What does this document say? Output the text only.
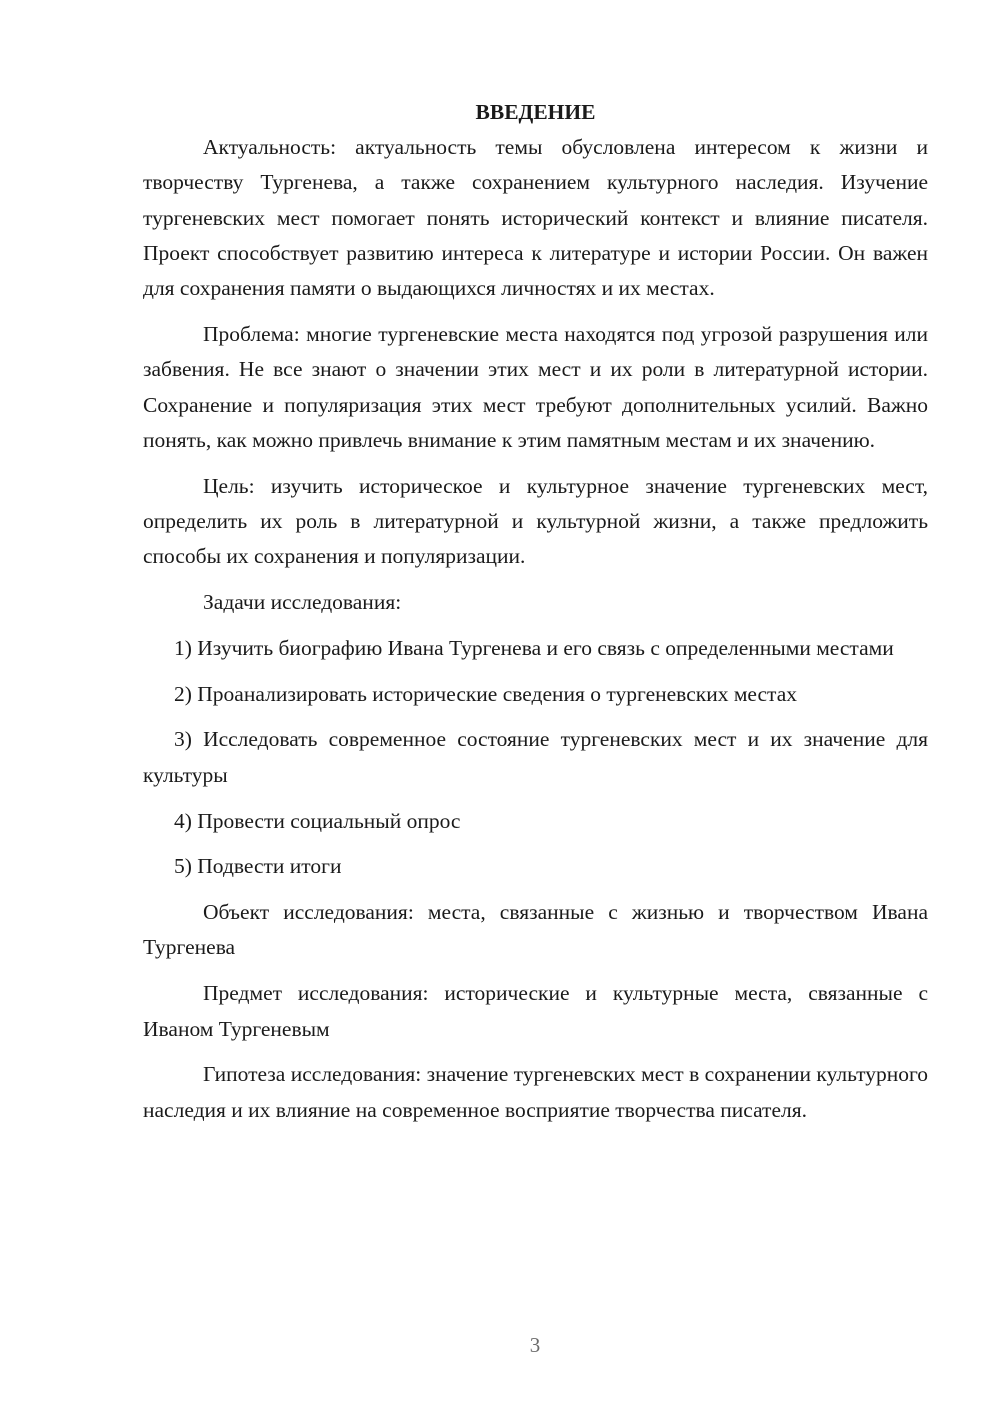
ВВЕДЕНИЕ

Актуальность: актуальность темы обусловлена интересом к жизни и творчеству Тургенева, а также сохранением культурного наследия. Изучение тургеневских мест помогает понять исторический контекст и влияние писателя. Проект способствует развитию интереса к литературе и истории России. Он важен для сохранения памяти о выдающихся личностях и их местах.

Проблема: многие тургеневские места находятся под угрозой разрушения или забвения. Не все знают о значении этих мест и их роли в литературной истории. Сохранение и популяризация этих мест требуют дополнительных усилий. Важно понять, как можно привлечь внимание к этим памятным местам и их значению.

Цель: изучить историческое и культурное значение тургеневских мест, определить их роль в литературной и культурной жизни, а также предложить способы их сохранения и популяризации.

Задачи исследования:

1) Изучить биографию Ивана Тургенева и его связь с определенными местами

2) Проанализировать исторические сведения о тургеневских местах

3) Исследовать современное состояние тургеневских мест и их значение для культуры

4) Провести социальный опрос

5) Подвести итоги

Объект исследования: места, связанные с жизнью и творчеством Ивана Тургенева

Предмет исследования: исторические и культурные места, связанные с Иваном Тургеневым

Гипотеза исследования: значение тургеневских мест в сохранении культурного наследия и их влияние на современное восприятие творчества писателя.

3
